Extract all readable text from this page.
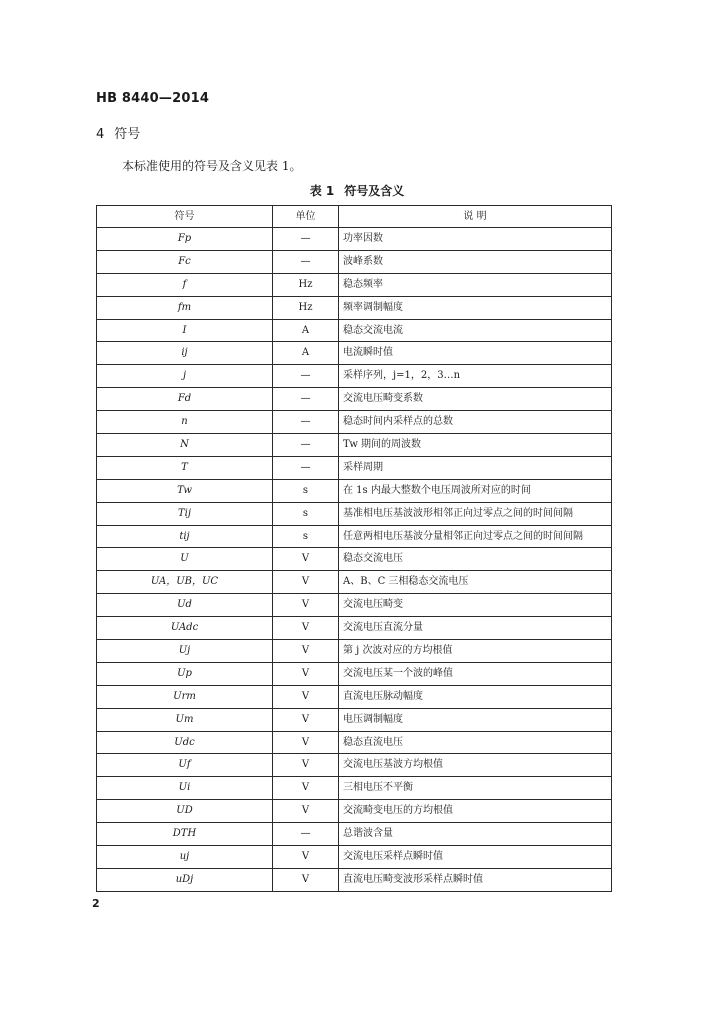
HB 8440—2014
4 符号
本标准使用的符号及含义见表 1。
表 1 符号及含义
符号	单位	说 明
Fp	—	功率因数
Fc	—	波峰系数
f	Hz	稳态频率
fm	Hz	频率调制幅度
I	A	稳态交流电流
ij	A	电流瞬时值
j	—	采样序列，j=1，2，3…n
Fd	—	交流电压畸变系数
n	—	稳态时间内采样点的总数
N	—	Tw 期间的周波数
T	—	采样周期
Tw	s	在 1s 内最大整数个电压周波所对应的时间
Tij	s	基准相电压基波波形相邻正向过零点之间的时间间隔
tij	s	任意两相电压基波分量相邻正向过零点之间的时间间隔
U	V	稳态交流电压
UA，UB，UC	V	A、B、C 三相稳态交流电压
Ud	V	交流电压畸变
UAdc	V	交流电压直流分量
Uj	V	第 j 次波对应的方均根值
Up	V	交流电压某一个波的峰值
Urm	V	直流电压脉动幅度
Um	V	电压调制幅度
Udc	V	稳态直流电压
Uf	V	交流电压基波方均根值
Ui	V	三相电压不平衡
UD	V	交流畸变电压的方均根值
DTH	—	总谐波含量
uj	V	交流电压采样点瞬时值
uDj	V	直流电压畸变波形采样点瞬时值
2
